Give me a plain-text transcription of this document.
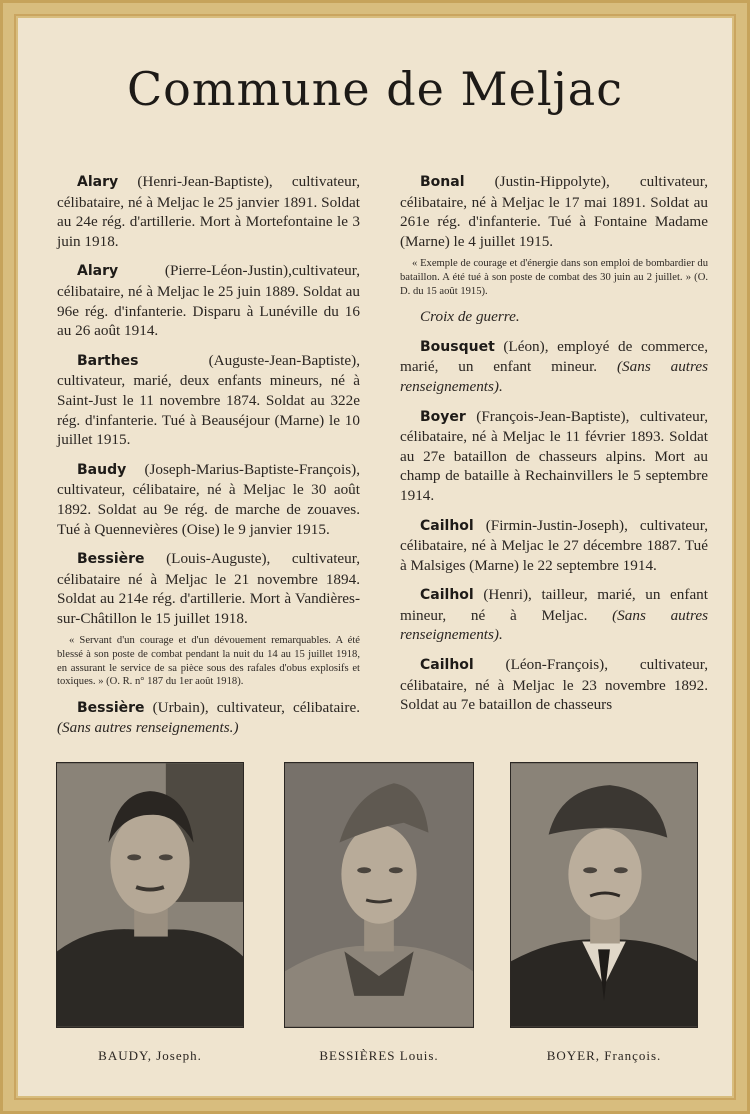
Commune de Meljac

Alary (Henri-Jean-Baptiste), cultivateur, célibataire, né à Meljac le 25 janvier 1891. Soldat au 24e rég. d'artillerie. Mort à Mortefontaine le 3 juin 1918.

Alary	(Pierre-Léon-Justin),cultivateur, célibataire, né à Meljac le 25 juin 1889. Soldat au 96e rég. d'infanterie. Disparu à Lunéville du 16 au 26 août 1914.

Barthes	(Auguste-Jean-Baptiste), cultivateur, marié, deux enfants mineurs, né à Saint-Just le 11 novembre 1874. Soldat au 322e rég. d'infanterie. Tué à Beauséjour (Marne) le 10 juillet 1915.

Baudy (Joseph-Marius-Baptiste-François), cultivateur, célibataire, né à Meljac le 30 août 1892. Soldat au 9e rég. de marche de zouaves. Tué à Quennevières (Oise) le 9 janvier 1915.

Bessière (Louis-Auguste), cultivateur, célibataire né à Meljac le 21 novembre 1894. Soldat au 214e rég. d'artillerie. Mort à Vandières-sur-Châtillon le 15 juillet 1918.

« Servant d'un courage et d'un dévouement remarquables. A été blessé à son poste de combat pendant la nuit du 14 au 15 juillet 1918, en assurant le service de sa pièce sous des rafales d'obus explosifs et toxiques. » (O. R. n° 187 du 1er août 1918).

Bessière (Urbain), cultivateur, célibataire. (Sans autres renseignements.)

Bonal (Justin-Hippolyte), cultivateur, célibataire, né à Meljac le 17 mai 1891. Soldat au 261e rég. d'infanterie. Tué à Fontaine Madame (Marne) le 4 juillet 1915.

« Exemple de courage et d'énergie dans son emploi de bombardier du bataillon. A été tué à son poste de combat des 30 juin au 2 juillet. » (O. D. du 15 août 1915).

Croix de guerre.

Bousquet (Léon), employé de commerce, marié, un enfant mineur. (Sans autres renseignements).

Boyer (François-Jean-Baptiste), cultivateur, célibataire, né à Meljac le 11 février 1893. Soldat au 27e bataillon de chasseurs alpins. Mort au champ de bataille à Rechainvillers le 5 septembre 1914.

Cailhol (Firmin-Justin-Joseph), cultivateur, célibataire, né à Meljac le 27 décembre 1887. Tué à Malsiges (Marne) le 22 septembre 1914.

Cailhol (Henri), tailleur, marié, un enfant mineur, né à Meljac. (Sans autres renseignements).

Cailhol (Léon-François), cultivateur, célibataire, né à Meljac le 23 novembre 1892. Soldat au 7e bataillon de chasseurs

BAUDY, Joseph.	BESSIÈRES Louis.	BOYER, François.
